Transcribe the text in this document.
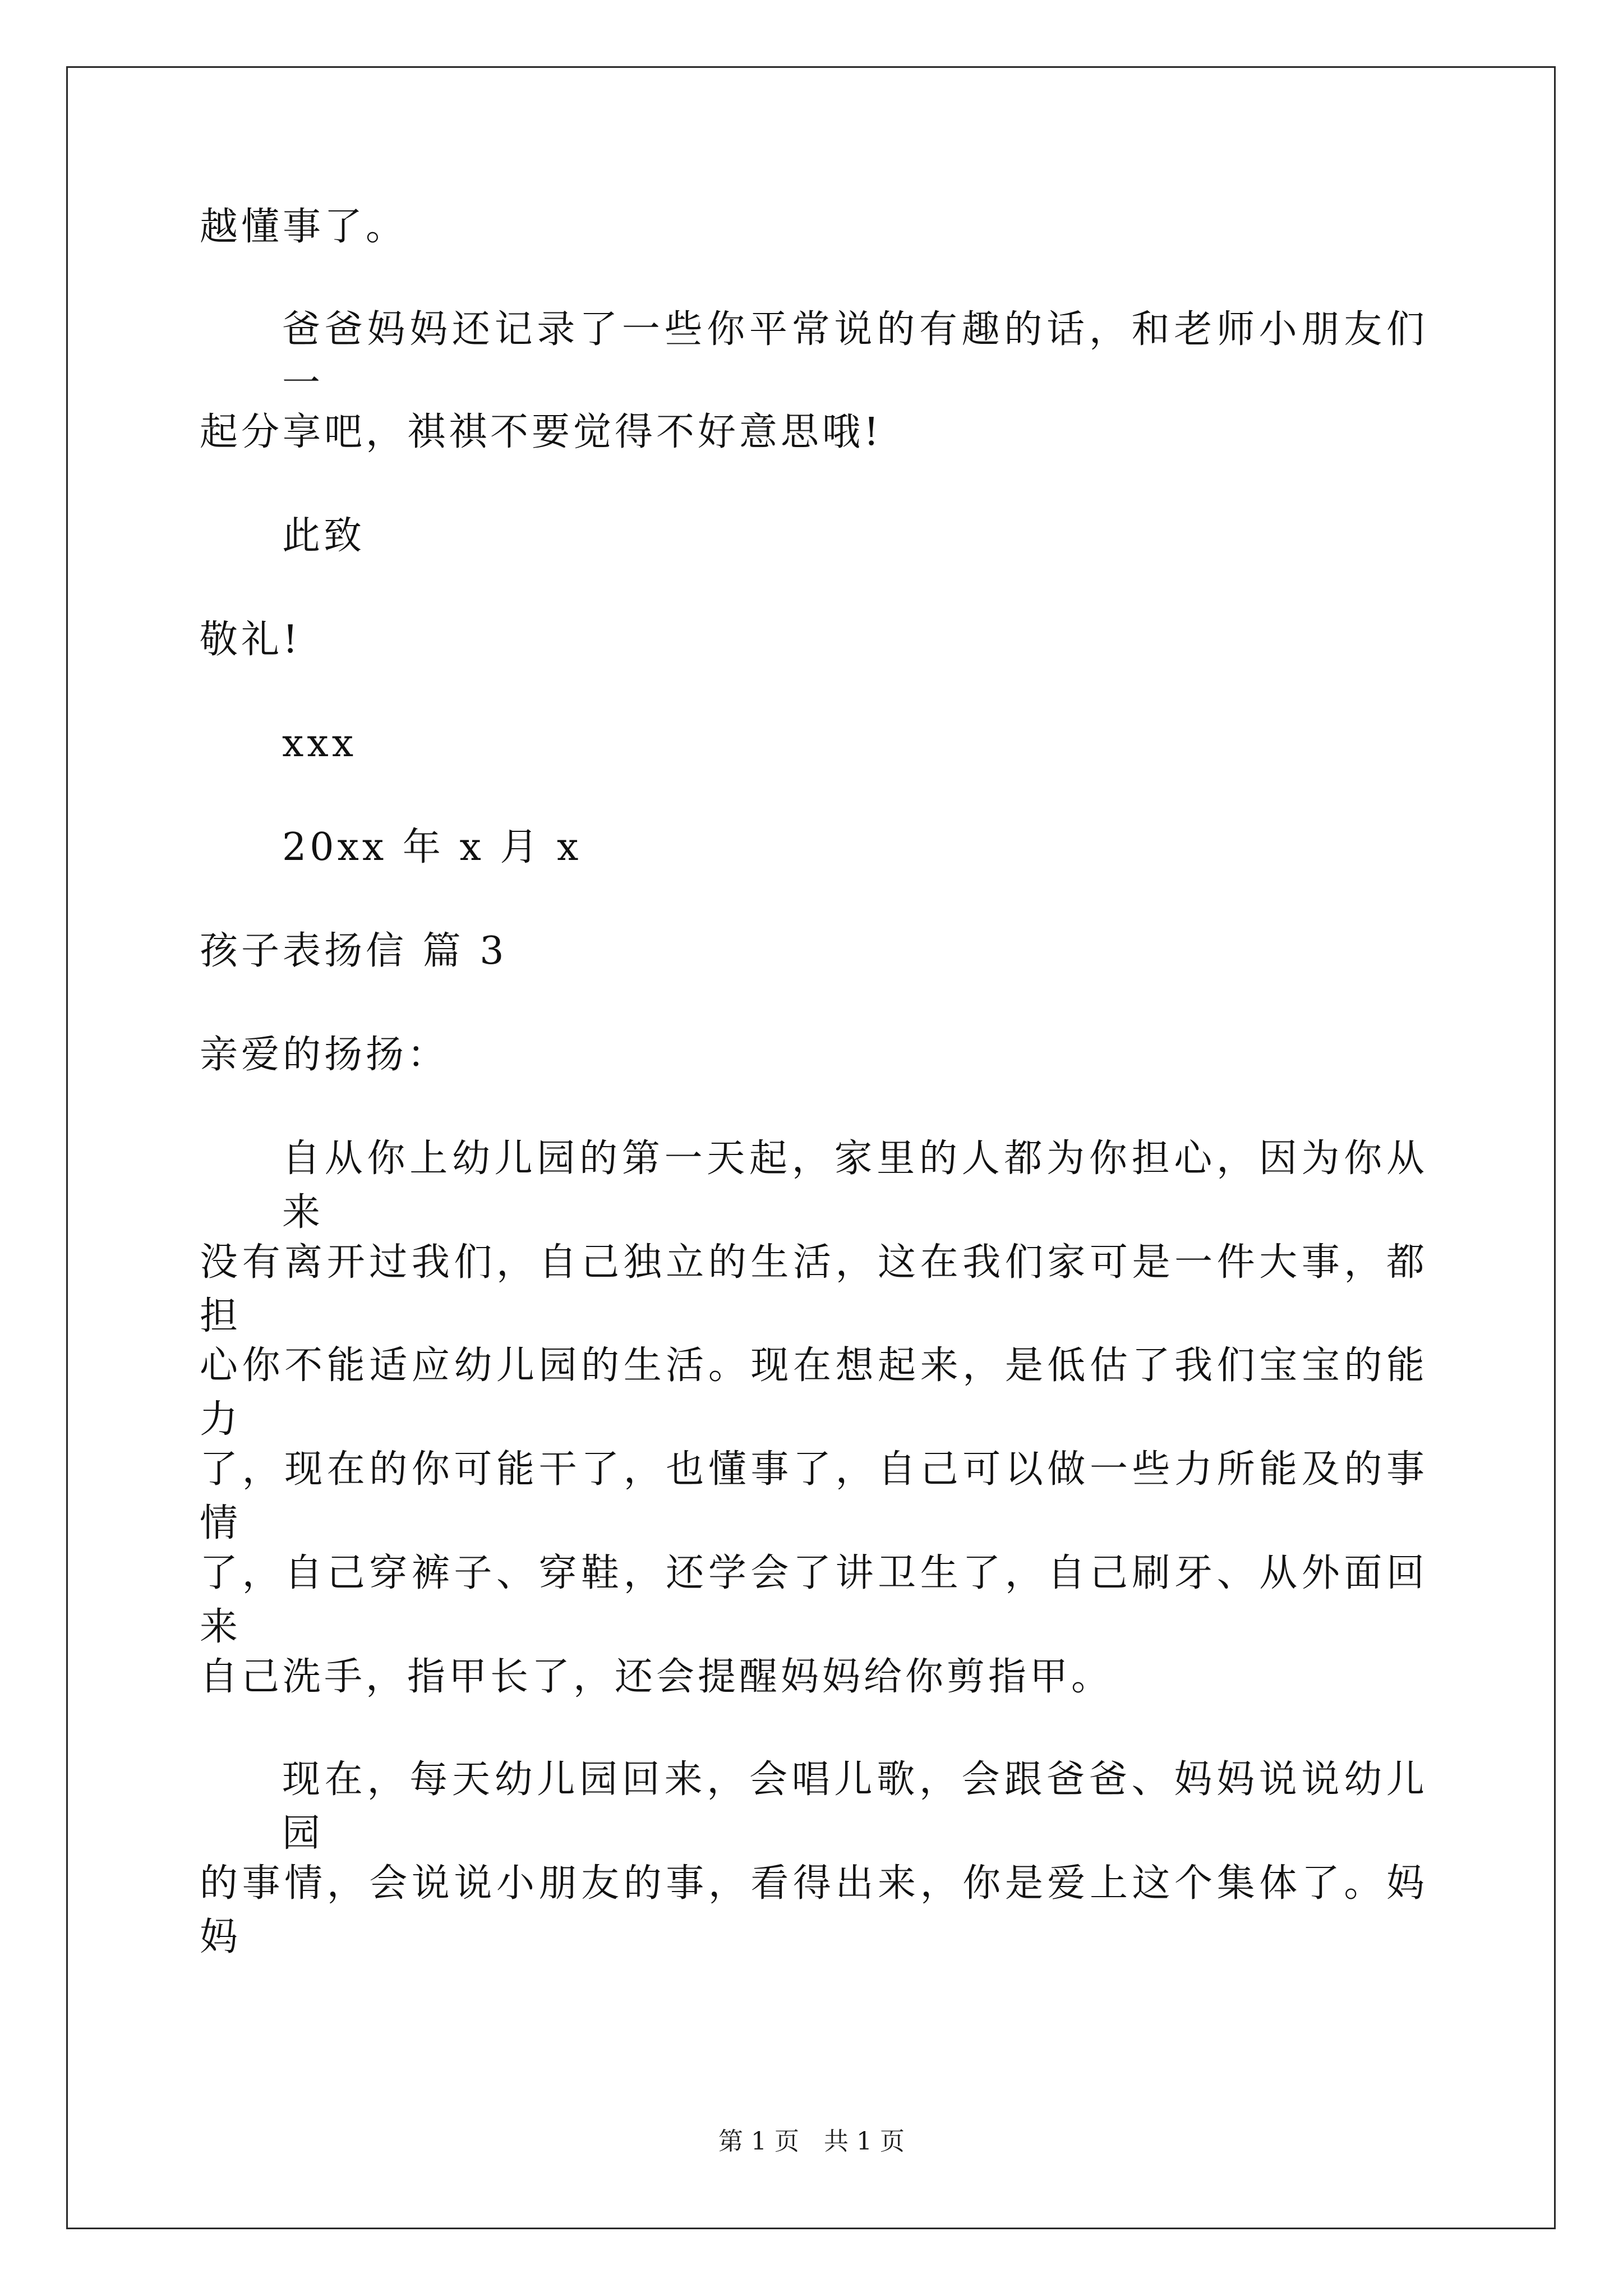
越懂事了。

爸爸妈妈还记录了一些你平常说的有趣的话，和老师小朋友们一

起分享吧，祺祺不要觉得不好意思哦!

此致

敬礼!

xxx

20xx 年 x 月 x

孩子表扬信 篇 3

亲爱的扬扬：

自从你上幼儿园的第一天起，家里的人都为你担心，因为你从来

没有离开过我们，自己独立的生活，这在我们家可是一件大事，都担

心你不能适应幼儿园的生活。现在想起来，是低估了我们宝宝的能力

了，现在的你可能干了，也懂事了，自己可以做一些力所能及的事情

了，自己穿裤子、穿鞋，还学会了讲卫生了，自己刷牙、从外面回来

自己洗手，指甲长了，还会提醒妈妈给你剪指甲。

现在，每天幼儿园回来，会唱儿歌，会跟爸爸、妈妈说说幼儿园

的事情，会说说小朋友的事，看得出来，你是爱上这个集体了。妈妈

第 1 页　共 1 页
